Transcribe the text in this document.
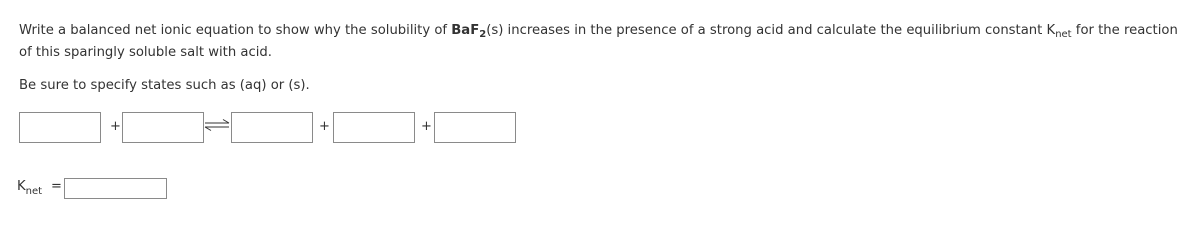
Write a balanced net ionic equation to show why the solubility of BaF$_2$(s) increases in the presence of a strong acid and calculate the equilibrium constant $K_{net}$ for the reaction of this sparingly soluble salt with acid.
Be sure to specify states such as (aq) or (s).
+	+	+
$K_{net}$ =
